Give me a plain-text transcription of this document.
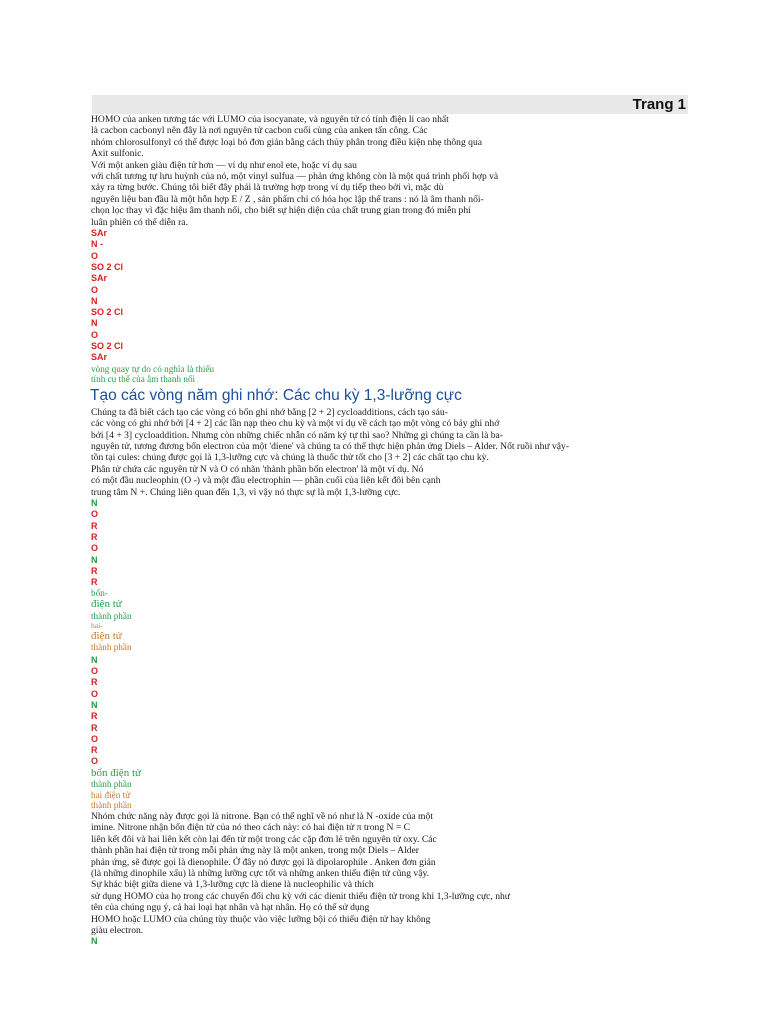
Trang 1
HOMO của anken tương tác với LUMO của isocyanate, và nguyên tử có tính điện li cao nhất
là cacbon cacbonyl nên đây là nơi nguyên tử cacbon cuối cùng của anken tấn công. Các
nhóm chlorosulfonyl có thể được loại bỏ đơn giản bằng cách thủy phân trong điều kiện nhẹ thông qua
Axit sulfonic.
Với một anken giàu điện tử hơn — ví dụ như enol ete, hoặc ví dụ sau
với chất tương tự lưu huỳnh của nó, một vinyl sulfua — phản ứng không còn là một quá trình phối hợp và
xảy ra từng bước. Chúng tôi biết đây phải là trường hợp trong ví dụ tiếp theo bởi vì, mặc dù
nguyên liệu ban đầu là một hỗn hợp E / Z , sản phẩm chỉ có hóa học lập thể trans : nó là âm thanh nổi-
chọn lọc thay vì đặc hiệu âm thanh nổi, cho biết sự hiện diện của chất trung gian trong đó miễn phí
luân phiên có thể diễn ra.
SAr
N -
O
SO 2 Cl
SAr
O
N
SO 2 Cl
N
O
SO 2 Cl
SAr
vòng quay tự do có nghĩa là thiếu
tính cụ thể của âm thanh nổi
Tạo các vòng năm ghi nhớ: Các chu kỳ 1,3-lưỡng cực
Chúng ta đã biết cách tạo các vòng có bốn ghi nhớ bằng [2 + 2] cycloadditions, cách tạo sáu-
các vòng có ghi nhớ bởi [4 + 2] các lần nạp theo chu kỳ và một ví dụ về cách tạo một vòng có bảy ghi nhớ
bởi [4 + 3] cycloaddition. Nhưng còn những chiếc nhẫn có năm ký tự thì sao? Những gì chúng ta cần là ba-
nguyên tử, tương đương bốn electron của một 'diene' và chúng ta có thể thực hiện phản ứng Diels – Alder. Nốt ruồi như vậy-
tồn tại cules: chúng được gọi là 1,3-lưỡng cực và chúng là thuốc thử tốt cho [3 + 2] các chất tạo chu kỳ.
Phân tử chứa các nguyên tử N và O có nhãn 'thành phần bốn electron' là một ví dụ. Nó
có một đầu nucleophin (O -) và một đầu electrophin — phần cuối của liên kết đôi bên cạnh
trung tâm N +. Chúng liên quan đến 1,3, vì vậy nó thực sự là một 1,3-lưỡng cực.
N
O
R
R
O
N
R
R
bốn-
điện tử
thành phần
hai-
điện tử
thành phần
N
O
R
O
N
R
R
O
R
O
bốn điện tử
thành phần
hai điện tử
thành phần
Nhóm chức năng này được gọi là nitrone. Bạn có thể nghĩ về nó như là N -oxide của một
imine. Nitrone nhận bốn điện tử của nó theo cách này: có hai điện tử π trong N = C
liên kết đôi và hai liên kết còn lại đến từ một trong các cặp đơn lẻ trên nguyên tử oxy. Các
thành phần hai điện tử trong mỗi phản ứng này là một anken, trong một Diels – Alder
phản ứng, sẽ được gọi là dienophile. Ở đây nó được gọi là dipolarophile . Anken đơn giản
(là những dinophile xấu) là những lưỡng cực tốt và những anken thiếu điện tử cũng vậy.
Sự khác biệt giữa diene và 1,3-lưỡng cực là diene là nucleophilic và thích
sử dụng HOMO của họ trong các chuyển đổi chu kỳ với các dienit thiếu điện tử trong khi 1,3-lưỡng cực, như
tên của chúng ngụ ý, cả hai loại hạt nhân và hạt nhân. Họ có thể sử dụng
HOMO hoặc LUMO của chúng tùy thuộc vào việc lưỡng bội có thiếu điện tử hay không
giàu electron.
N
